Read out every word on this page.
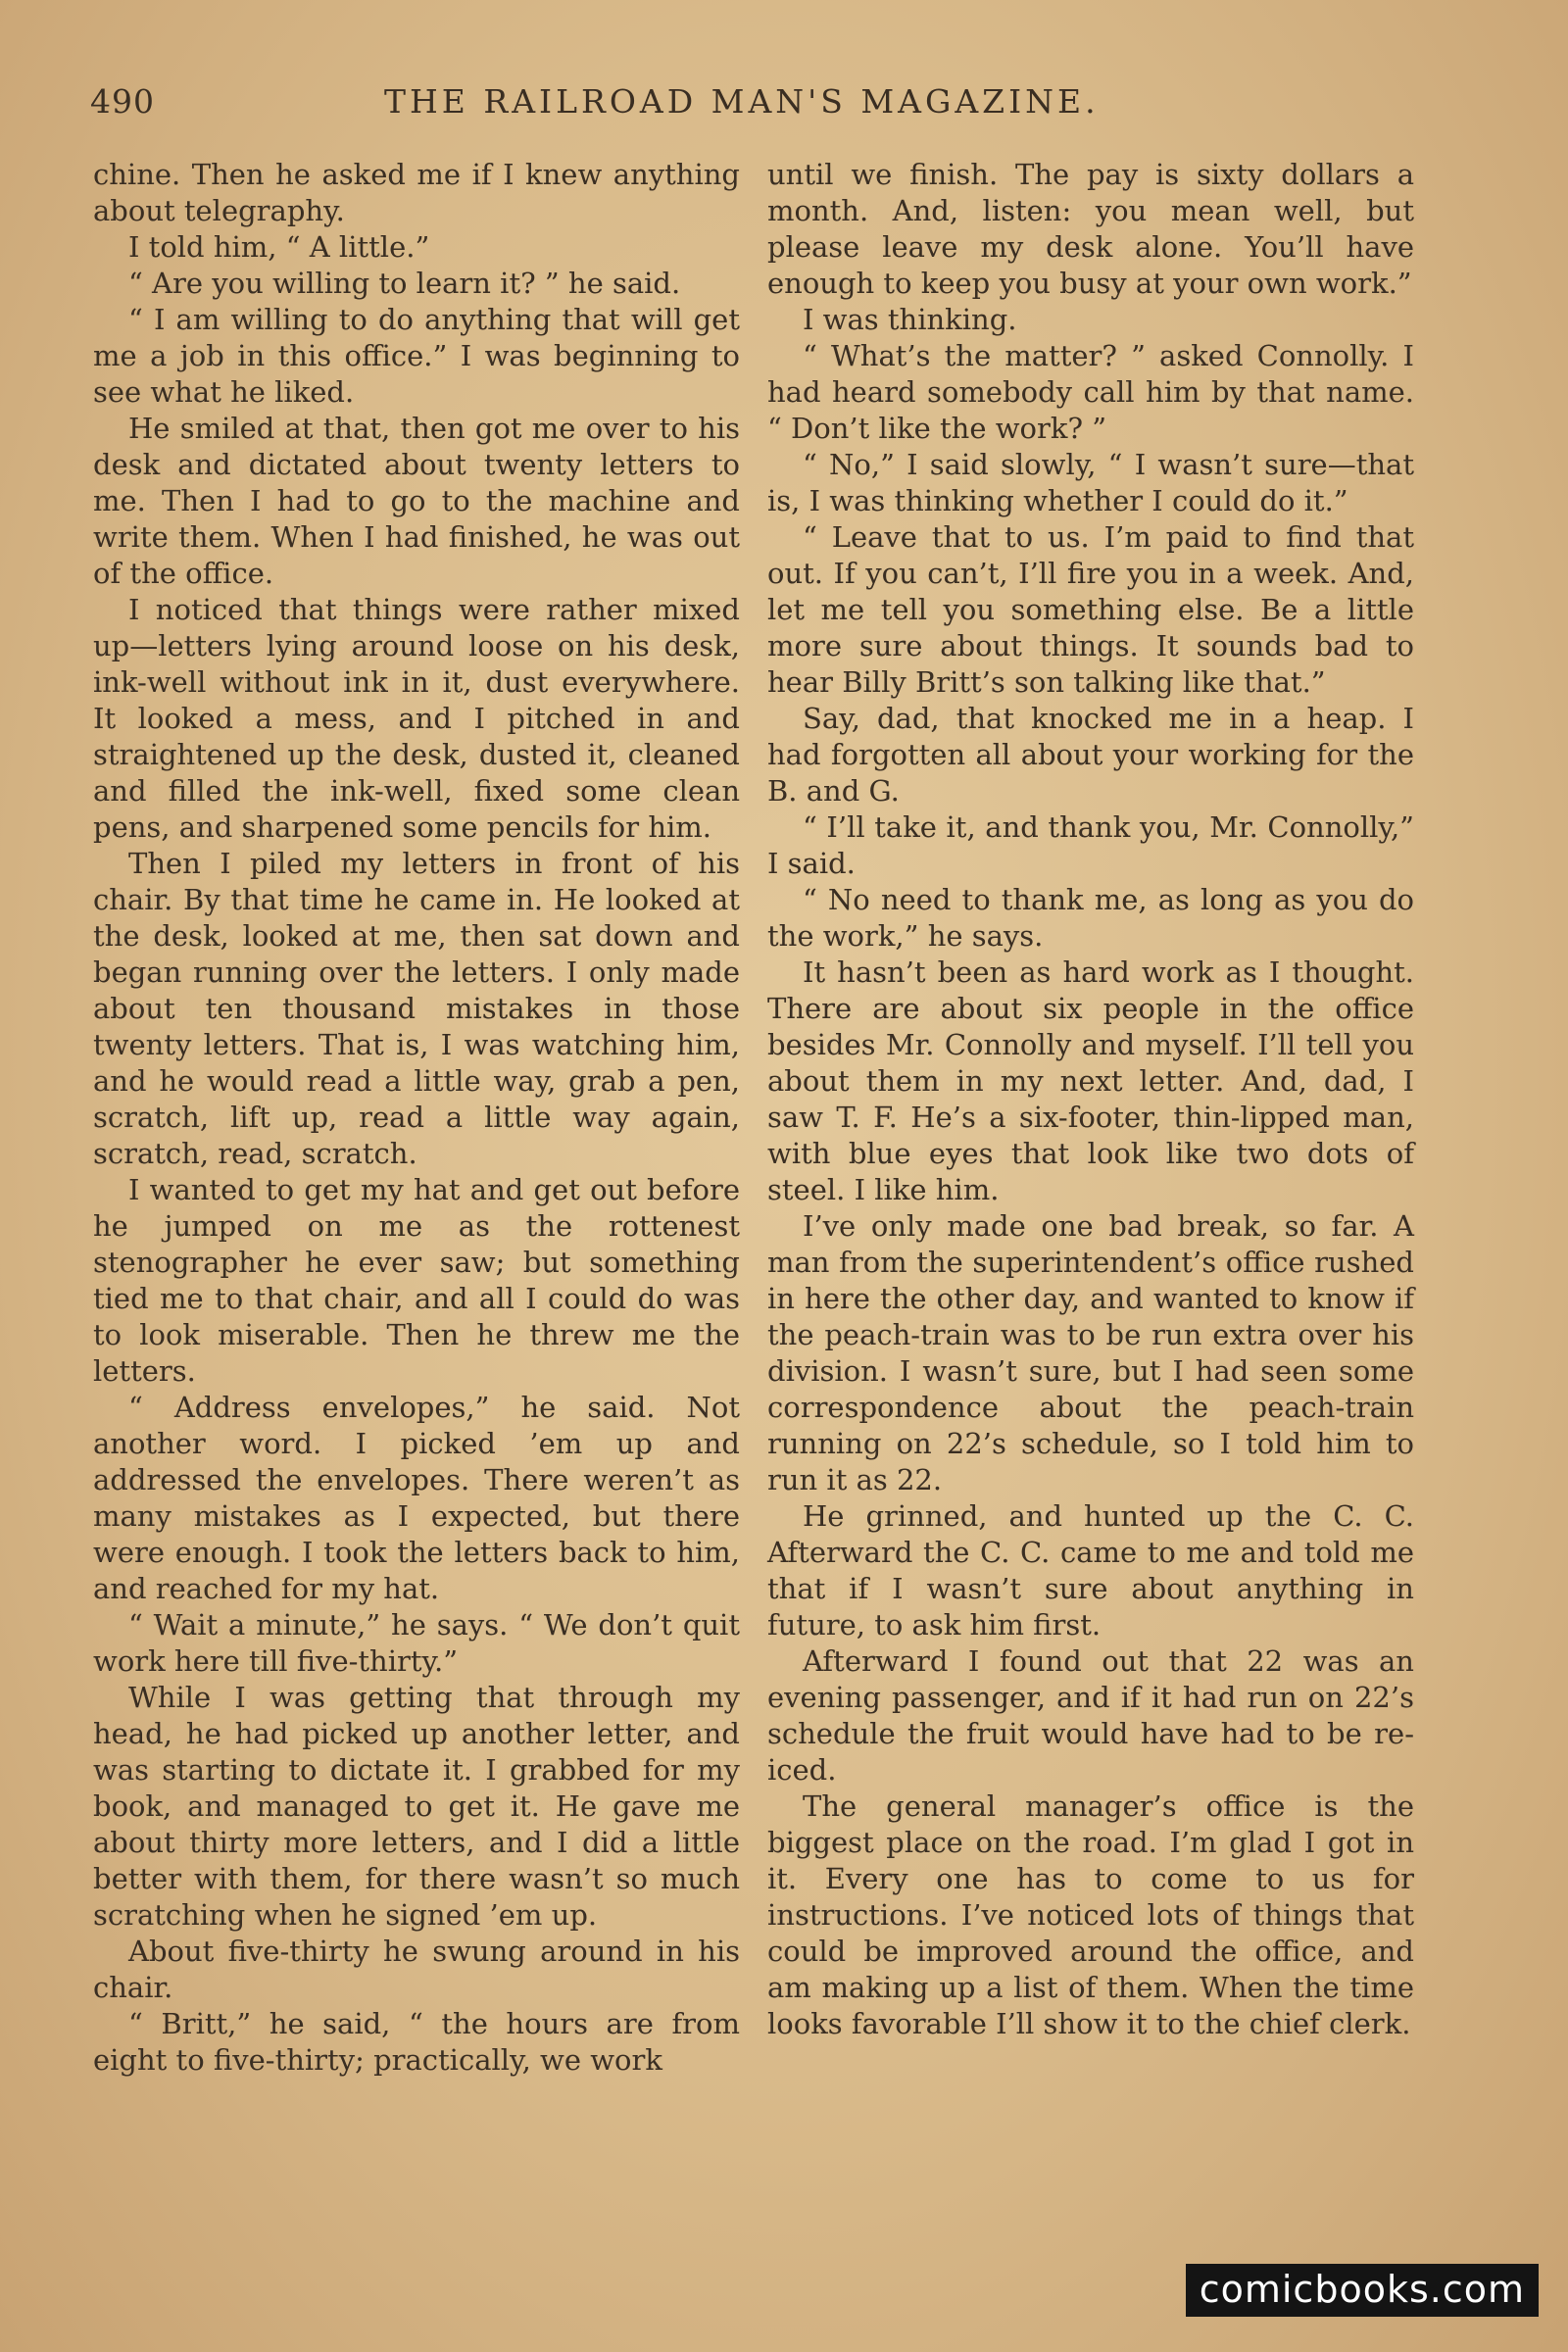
490	THE RAILROAD MAN'S MAGAZINE.

chine. Then he asked me if I knew anything about telegraphy.

I told him, “ A little.”

“ Are you willing to learn it? ” he said.

“ I am willing to do anything that will get me a job in this office.” I was beginning to see what he liked.

He smiled at that, then got me over to his desk and dictated about twenty letters to me. Then I had to go to the machine and write them. When I had finished, he was out of the office.

I noticed that things were rather mixed up—letters lying around loose on his desk, ink-well without ink in it, dust everywhere. It looked a mess, and I pitched in and straightened up the desk, dusted it, cleaned and filled the ink-well, fixed some clean pens, and sharpened some pencils for him.

Then I piled my letters in front of his chair. By that time he came in. He looked at the desk, looked at me, then sat down and began running over the letters. I only made about ten thousand mistakes in those twenty letters. That is, I was watching him, and he would read a little way, grab a pen, scratch, lift up, read a little way again, scratch, read, scratch.

I wanted to get my hat and get out before he jumped on me as the rottenest stenographer he ever saw; but something tied me to that chair, and all I could do was to look miserable. Then he threw me the letters.

“ Address envelopes,” he said. Not another word. I picked ’em up and addressed the envelopes. There weren’t as many mistakes as I expected, but there were enough. I took the letters back to him, and reached for my hat.

“ Wait a minute,” he says. “ We don’t quit work here till five-thirty.”

While I was getting that through my head, he had picked up another letter, and was starting to dictate it. I grabbed for my book, and managed to get it. He gave me about thirty more letters, and I did a little better with them, for there wasn’t so much scratching when he signed ’em up.

About five-thirty he swung around in his chair.

“ Britt,” he said, “ the hours are from eight to five-thirty; practically, we work

until we finish. The pay is sixty dollars a month. And, listen: you mean well, but please leave my desk alone. You’ll have enough to keep you busy at your own work.”

I was thinking.

“ What’s the matter? ” asked Connolly. I had heard somebody call him by that name. “ Don’t like the work? ”

“ No,” I said slowly, “ I wasn’t sure—that is, I was thinking whether I could do it.”

“ Leave that to us. I’m paid to find that out. If you can’t, I’ll fire you in a week. And, let me tell you something else. Be a little more sure about things. It sounds bad to hear Billy Britt’s son talking like that.”

Say, dad, that knocked me in a heap. I had forgotten all about your working for the B. and G.

“ I’ll take it, and thank you, Mr. Connolly,” I said.

“ No need to thank me, as long as you do the work,” he says.

It hasn’t been as hard work as I thought. There are about six people in the office besides Mr. Connolly and myself. I’ll tell you about them in my next letter. And, dad, I saw T. F. He’s a six-footer, thin-lipped man, with blue eyes that look like two dots of steel. I like him.

I’ve only made one bad break, so far. A man from the superintendent’s office rushed in here the other day, and wanted to know if the peach-train was to be run extra over his division. I wasn’t sure, but I had seen some correspondence about the peach-train running on 22’s schedule, so I told him to run it as 22.

He grinned, and hunted up the C. C. Afterward the C. C. came to me and told me that if I wasn’t sure about anything in future, to ask him first.

Afterward I found out that 22 was an evening passenger, and if it had run on 22’s schedule the fruit would have had to be re-iced.

The general manager’s office is the biggest place on the road. I’m glad I got in it. Every one has to come to us for instructions. I’ve noticed lots of things that could be improved around the office, and am making up a list of them. When the time looks favorable I’ll show it to the chief clerk.

comicbooks.com
